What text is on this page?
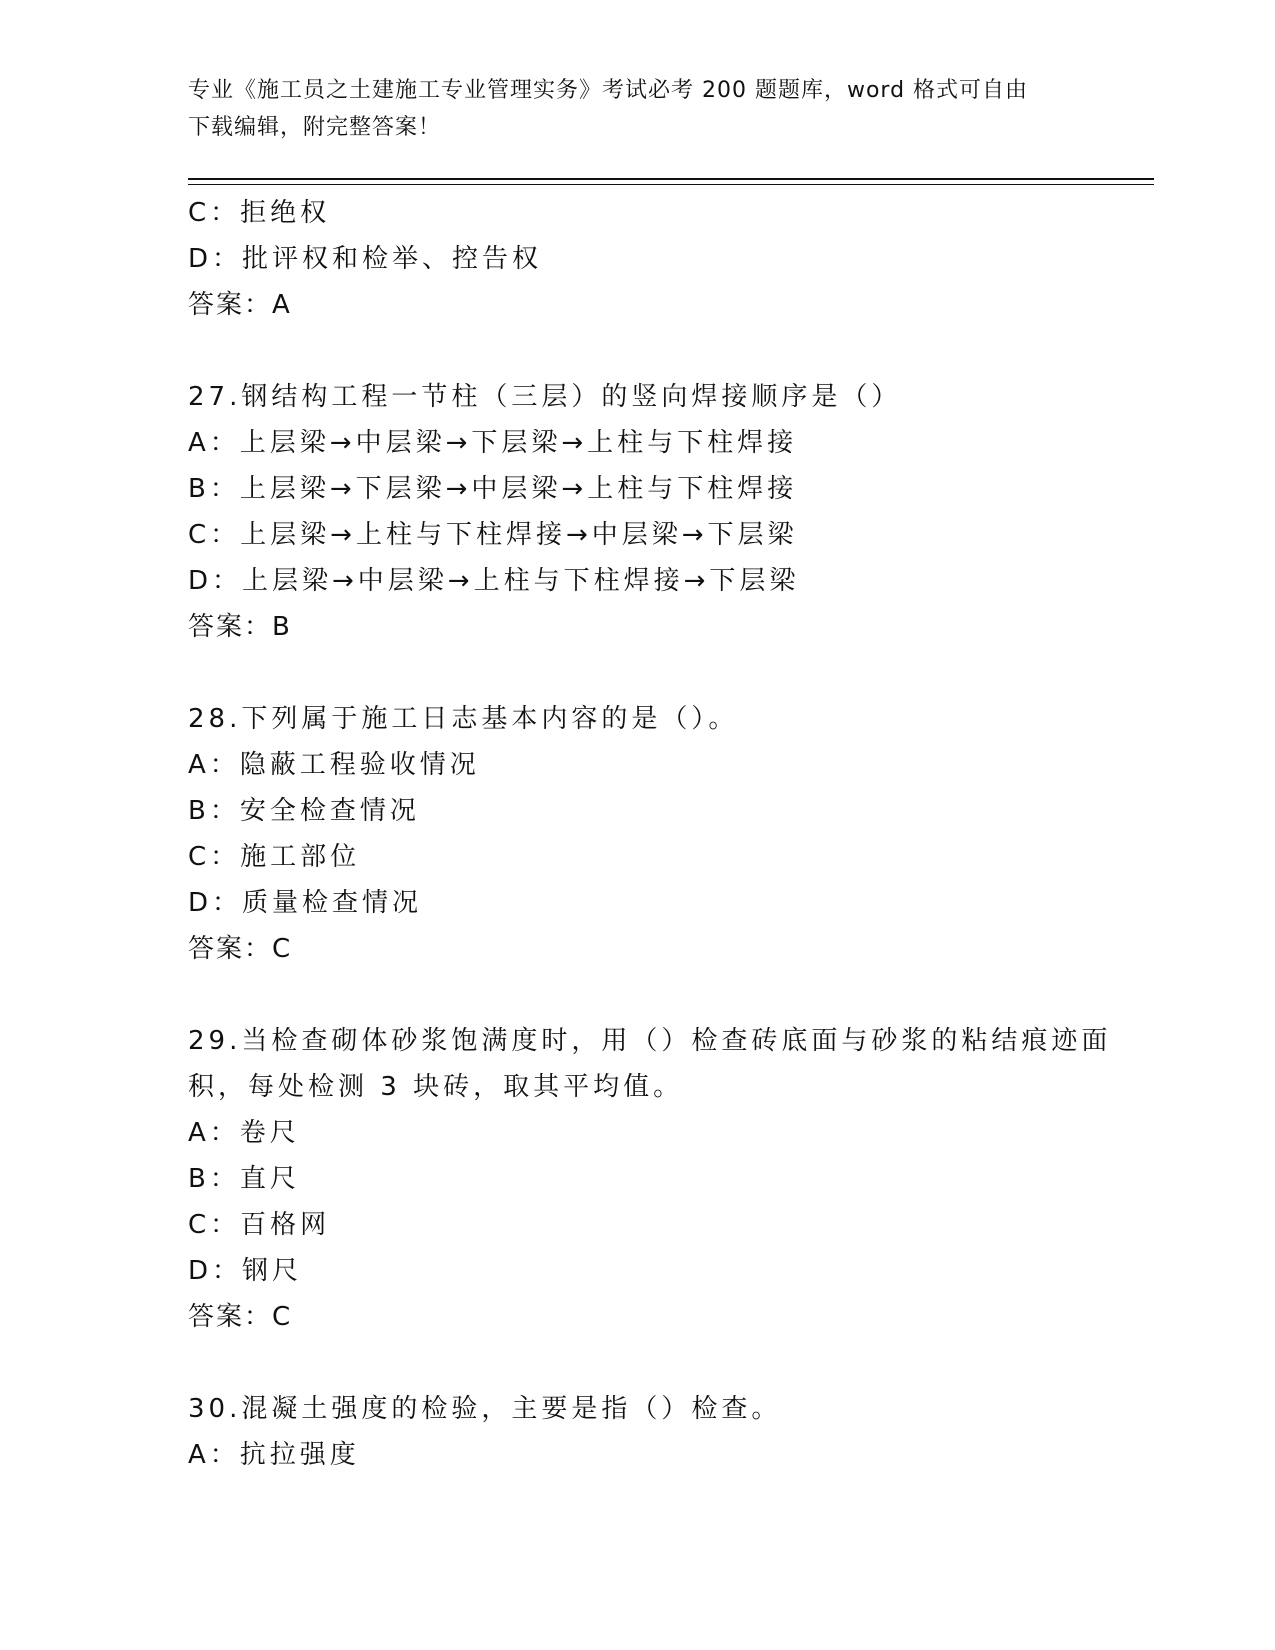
专业《施工员之土建施工专业管理实务》考试必考 200 题题库，word 格式可自由
下载编辑，附完整答案！
C：拒绝权
D：批评权和检举、控告权
答案：A
27.钢结构工程一节柱（三层）的竖向焊接顺序是（）
A：上层梁→中层梁→下层梁→上柱与下柱焊接
B：上层梁→下层梁→中层梁→上柱与下柱焊接
C：上层梁→上柱与下柱焊接→中层梁→下层梁
D：上层梁→中层梁→上柱与下柱焊接→下层梁
答案：B
28.下列属于施工日志基本内容的是（）。
A：隐蔽工程验收情况
B：安全检查情况
C：施工部位
D：质量检查情况
答案：C
29.当检查砌体砂浆饱满度时，用（）检查砖底面与砂浆的粘结痕迹面
积，每处检测 3 块砖，取其平均值。
A：卷尺
B：直尺
C：百格网
D：钢尺
答案：C
30.混凝土强度的检验，主要是指（）检查。
A：抗拉强度
